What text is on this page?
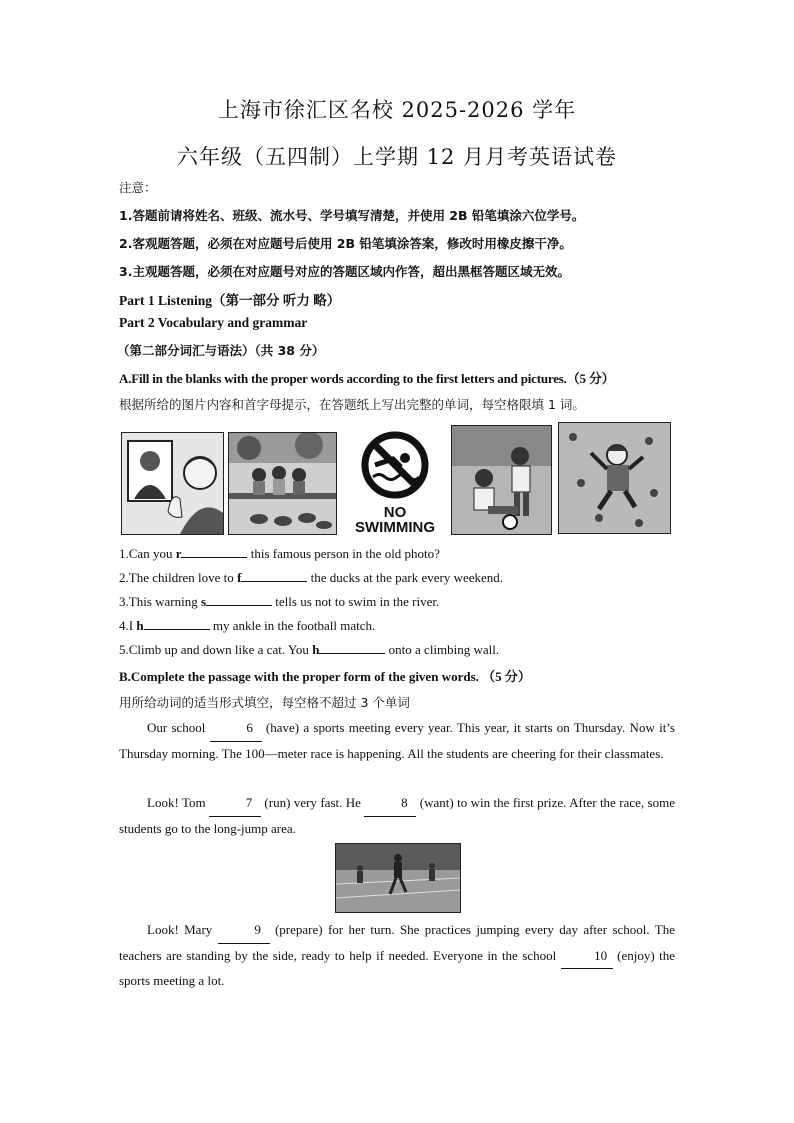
上海市徐汇区名校 2025-2026 学年
六年级（五四制）上学期 12 月月考英语试卷
注意：
1.答题前请将姓名、班级、流水号、学号填写清楚，并使用 2B 铅笔填涂六位学号。
2.客观题答题，必须在对应题号后使用 2B 铅笔填涂答案，修改时用橡皮擦干净。
3.主观题答题，必须在对应题号对应的答题区域内作答，超出黑框答题区域无效。
Part 1 Listening（第一部分 听力 略）
Part 2 Vocabulary and grammar
（第二部分词汇与语法）（共 38 分）
A.Fill in the blanks with the proper words according to the first letters and pictures.（5 分）
根据所给的图片内容和首字母提示，在答题纸上写出完整的单词，每空格限填 1 词。
NO
SWIMMING
1.Can you r	this famous person in the old photo?
2.The children love to f	the ducks at the park every weekend.
3.This warning s	tells us not to swim in the river.
4.I h	my ankle in the football match.
5.Climb up and down like a cat. You h	onto a climbing wall.
B.Complete the passage with the proper form of the given words. （5 分）
用所给动词的适当形式填空，每空格不超过 3 个单词
Our school	6 (have) a sports meeting every year. This year, it starts on Thursday. Now it’s Thursday morning. The 100—meter race is happening. All the students are cheering for their classmates.
Look! Tom	7 (run) very fast. He	8 (want) to win the first prize. After the race, some students go to the long-jump area.
Look! Mary	9 (prepare) for her turn. She practices jumping every day after school. The teachers are standing by the side, ready to help if needed. Everyone in the school	10 (enjoy) the sports meeting a lot.
